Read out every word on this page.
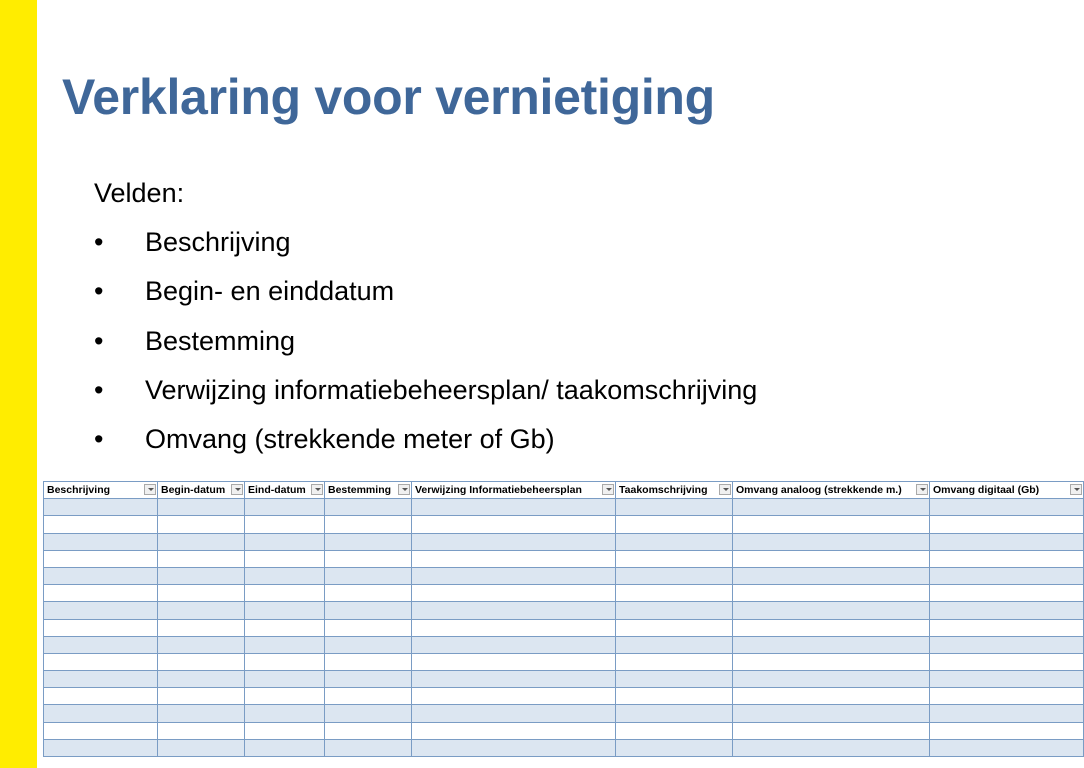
Verklaring voor vernietiging
Velden:
•	Beschrijving
•	Begin- en einddatum
•	Bestemming
•	Verwijzing informatiebeheersplan/ taakomschrijving
•	Omvang (strekkende meter of Gb)
Beschrijving	Begin-datum	Eind-datum	Bestemming	Verwijzing Informatiebeheersplan	Taakomschrijving	Omvang analoog (strekkende m.)	Omvang digitaal (Gb)
